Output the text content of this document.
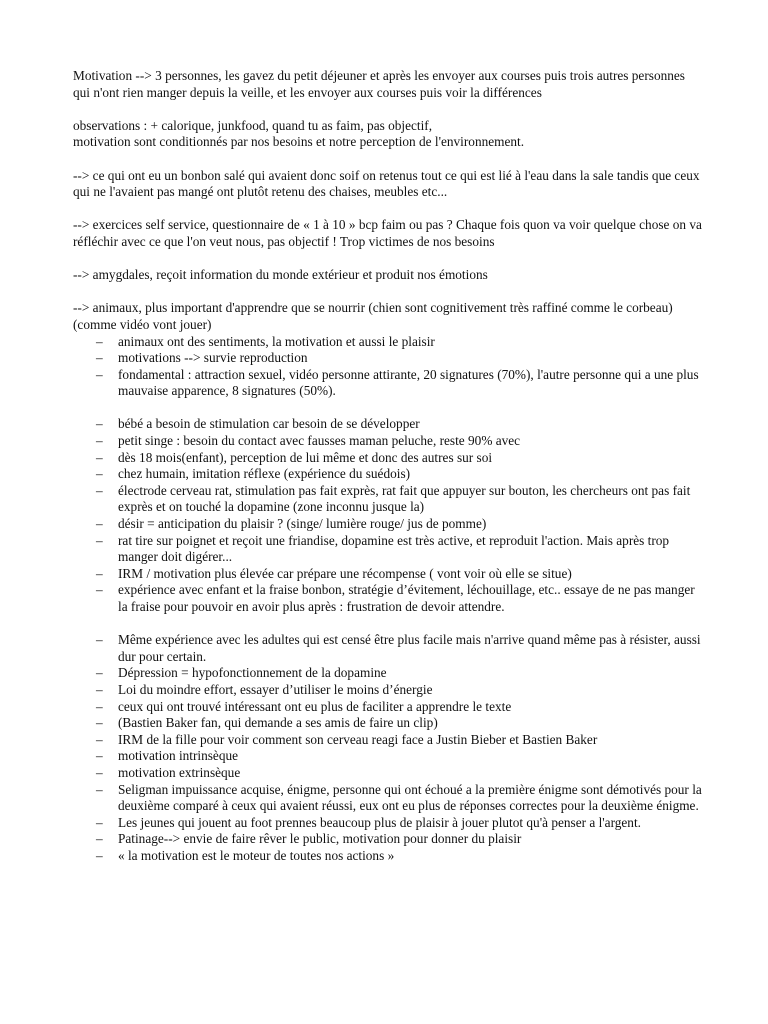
Motivation --> 3 personnes, les gavez du petit déjeuner et après les envoyer aux courses puis trois autres personnes qui n'ont rien manger depuis la veille, et les envoyer aux courses puis voir la différences

observations : + calorique, junkfood, quand tu as faim, pas objectif,
motivation sont conditionnés par nos besoins et notre perception de l'environnement.

--> ce qui ont eu un bonbon salé qui avaient donc soif on retenus tout ce qui est lié à l'eau dans la sale tandis que ceux qui ne l'avaient pas mangé ont plutôt retenu des chaises, meubles etc...

--> exercices self service, questionnaire de « 1 à 10 » bcp faim ou pas ? Chaque fois quon va voir quelque chose on va réfléchir avec ce que l'on veut nous, pas objectif ! Trop victimes de nos besoins

--> amygdales, reçoit information du monde extérieur et produit nos émotions

--> animaux, plus important d'apprendre que se nourrir (chien sont cognitivement très raffiné comme le corbeau) (comme vidéo vont jouer)

– animaux ont des sentiments, la motivation et aussi le plaisir
– motivations --> survie reproduction
– fondamental : attraction sexuel, vidéo personne attirante, 20 signatures (70%), l'autre personne qui a une plus mauvaise apparence, 8 signatures (50%).
– bébé a besoin de stimulation car besoin de se développer
– petit singe : besoin du contact avec fausses maman peluche, reste 90% avec
– dès 18 mois(enfant), perception de lui même et donc des autres sur soi
– chez humain, imitation réflexe (expérience du suédois)
– électrode cerveau rat, stimulation pas fait exprès, rat fait que appuyer sur bouton, les chercheurs ont pas fait exprès et on touché la dopamine (zone inconnu jusque la)
– désir = anticipation du plaisir ? (singe/ lumière rouge/ jus de pomme)
– rat tire sur poignet et reçoit une friandise, dopamine est très active, et reproduit l'action. Mais après trop manger doit digérer...
– IRM / motivation plus élevée car prépare une récompense ( vont voir où elle se situe)
– expérience avec enfant et la fraise bonbon, stratégie d’évitement, léchouillage, etc.. essaye de ne pas manger la fraise pour pouvoir en avoir plus après : frustration de devoir attendre.
– Même expérience avec les adultes qui est censé être plus facile mais n'arrive quand même pas à résister, aussi dur pour certain.
– Dépression = hypofonctionnement de la dopamine
– Loi du moindre effort, essayer d’utiliser le moins d’énergie
– ceux qui ont trouvé intéressant ont eu plus de faciliter a apprendre le texte
– (Bastien Baker fan, qui demande a ses amis de faire un clip)
– IRM de la fille pour voir comment son cerveau reagi face a Justin Bieber et Bastien Baker
– motivation intrinsèque
– motivation extrinsèque
– Seligman impuissance acquise, énigme, personne qui ont échoué a la première énigme sont démotivés pour la deuxième comparé à ceux qui avaient réussi, eux ont eu plus de réponses correctes pour la deuxième énigme.
– Les jeunes qui jouent au foot prennes beaucoup plus de plaisir à jouer plutot qu'à penser a l'argent.
– Patinage--> envie de faire rêver le public, motivation pour donner du plaisir
– « la motivation est le moteur de toutes nos actions »
